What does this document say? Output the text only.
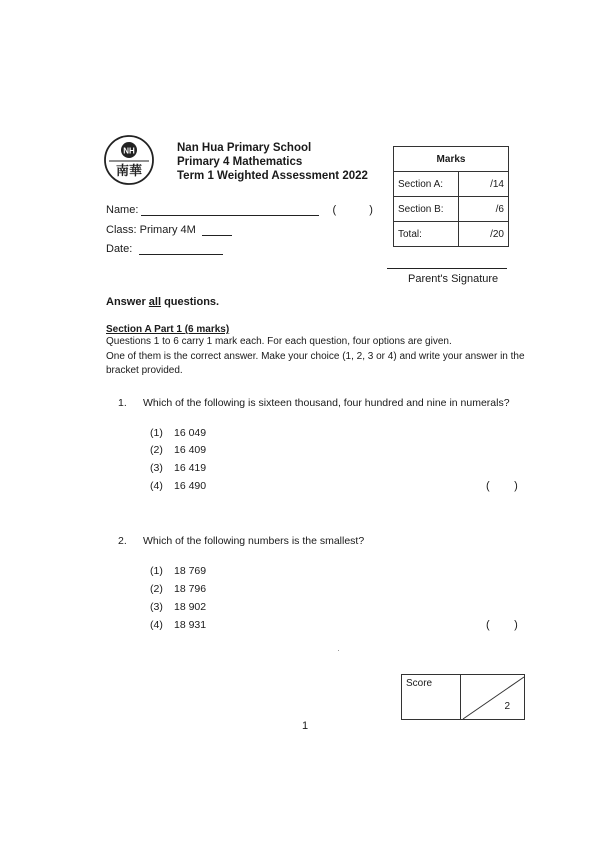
NH
南華
Nan Hua Primary School
Primary 4 Mathematics
Term 1 Weighted Assessment 2022
Name:	(	)
Class: Primary 4M
Date:
Marks	
Section A:	/14
Section B:	/6
Total:	/20
Parent's Signature
Answer all questions.
Section A Part 1 (6 marks)
Questions 1 to 6 carry 1 mark each. For each question, four options are given.
One of them is the correct answer. Make your choice (1, 2, 3 or 4) and write your answer in the bracket provided.
1. Which of the following is sixteen thousand, four hundred and nine in numerals?
(1) 16 049
(2) 16 409
(3) 16 419
(4) 16 490	(        )
2. Which of the following numbers is the smallest?
(1) 18 769
(2) 18 796
(3) 18 902
(4) 18 931	(        )
Score
2
1
